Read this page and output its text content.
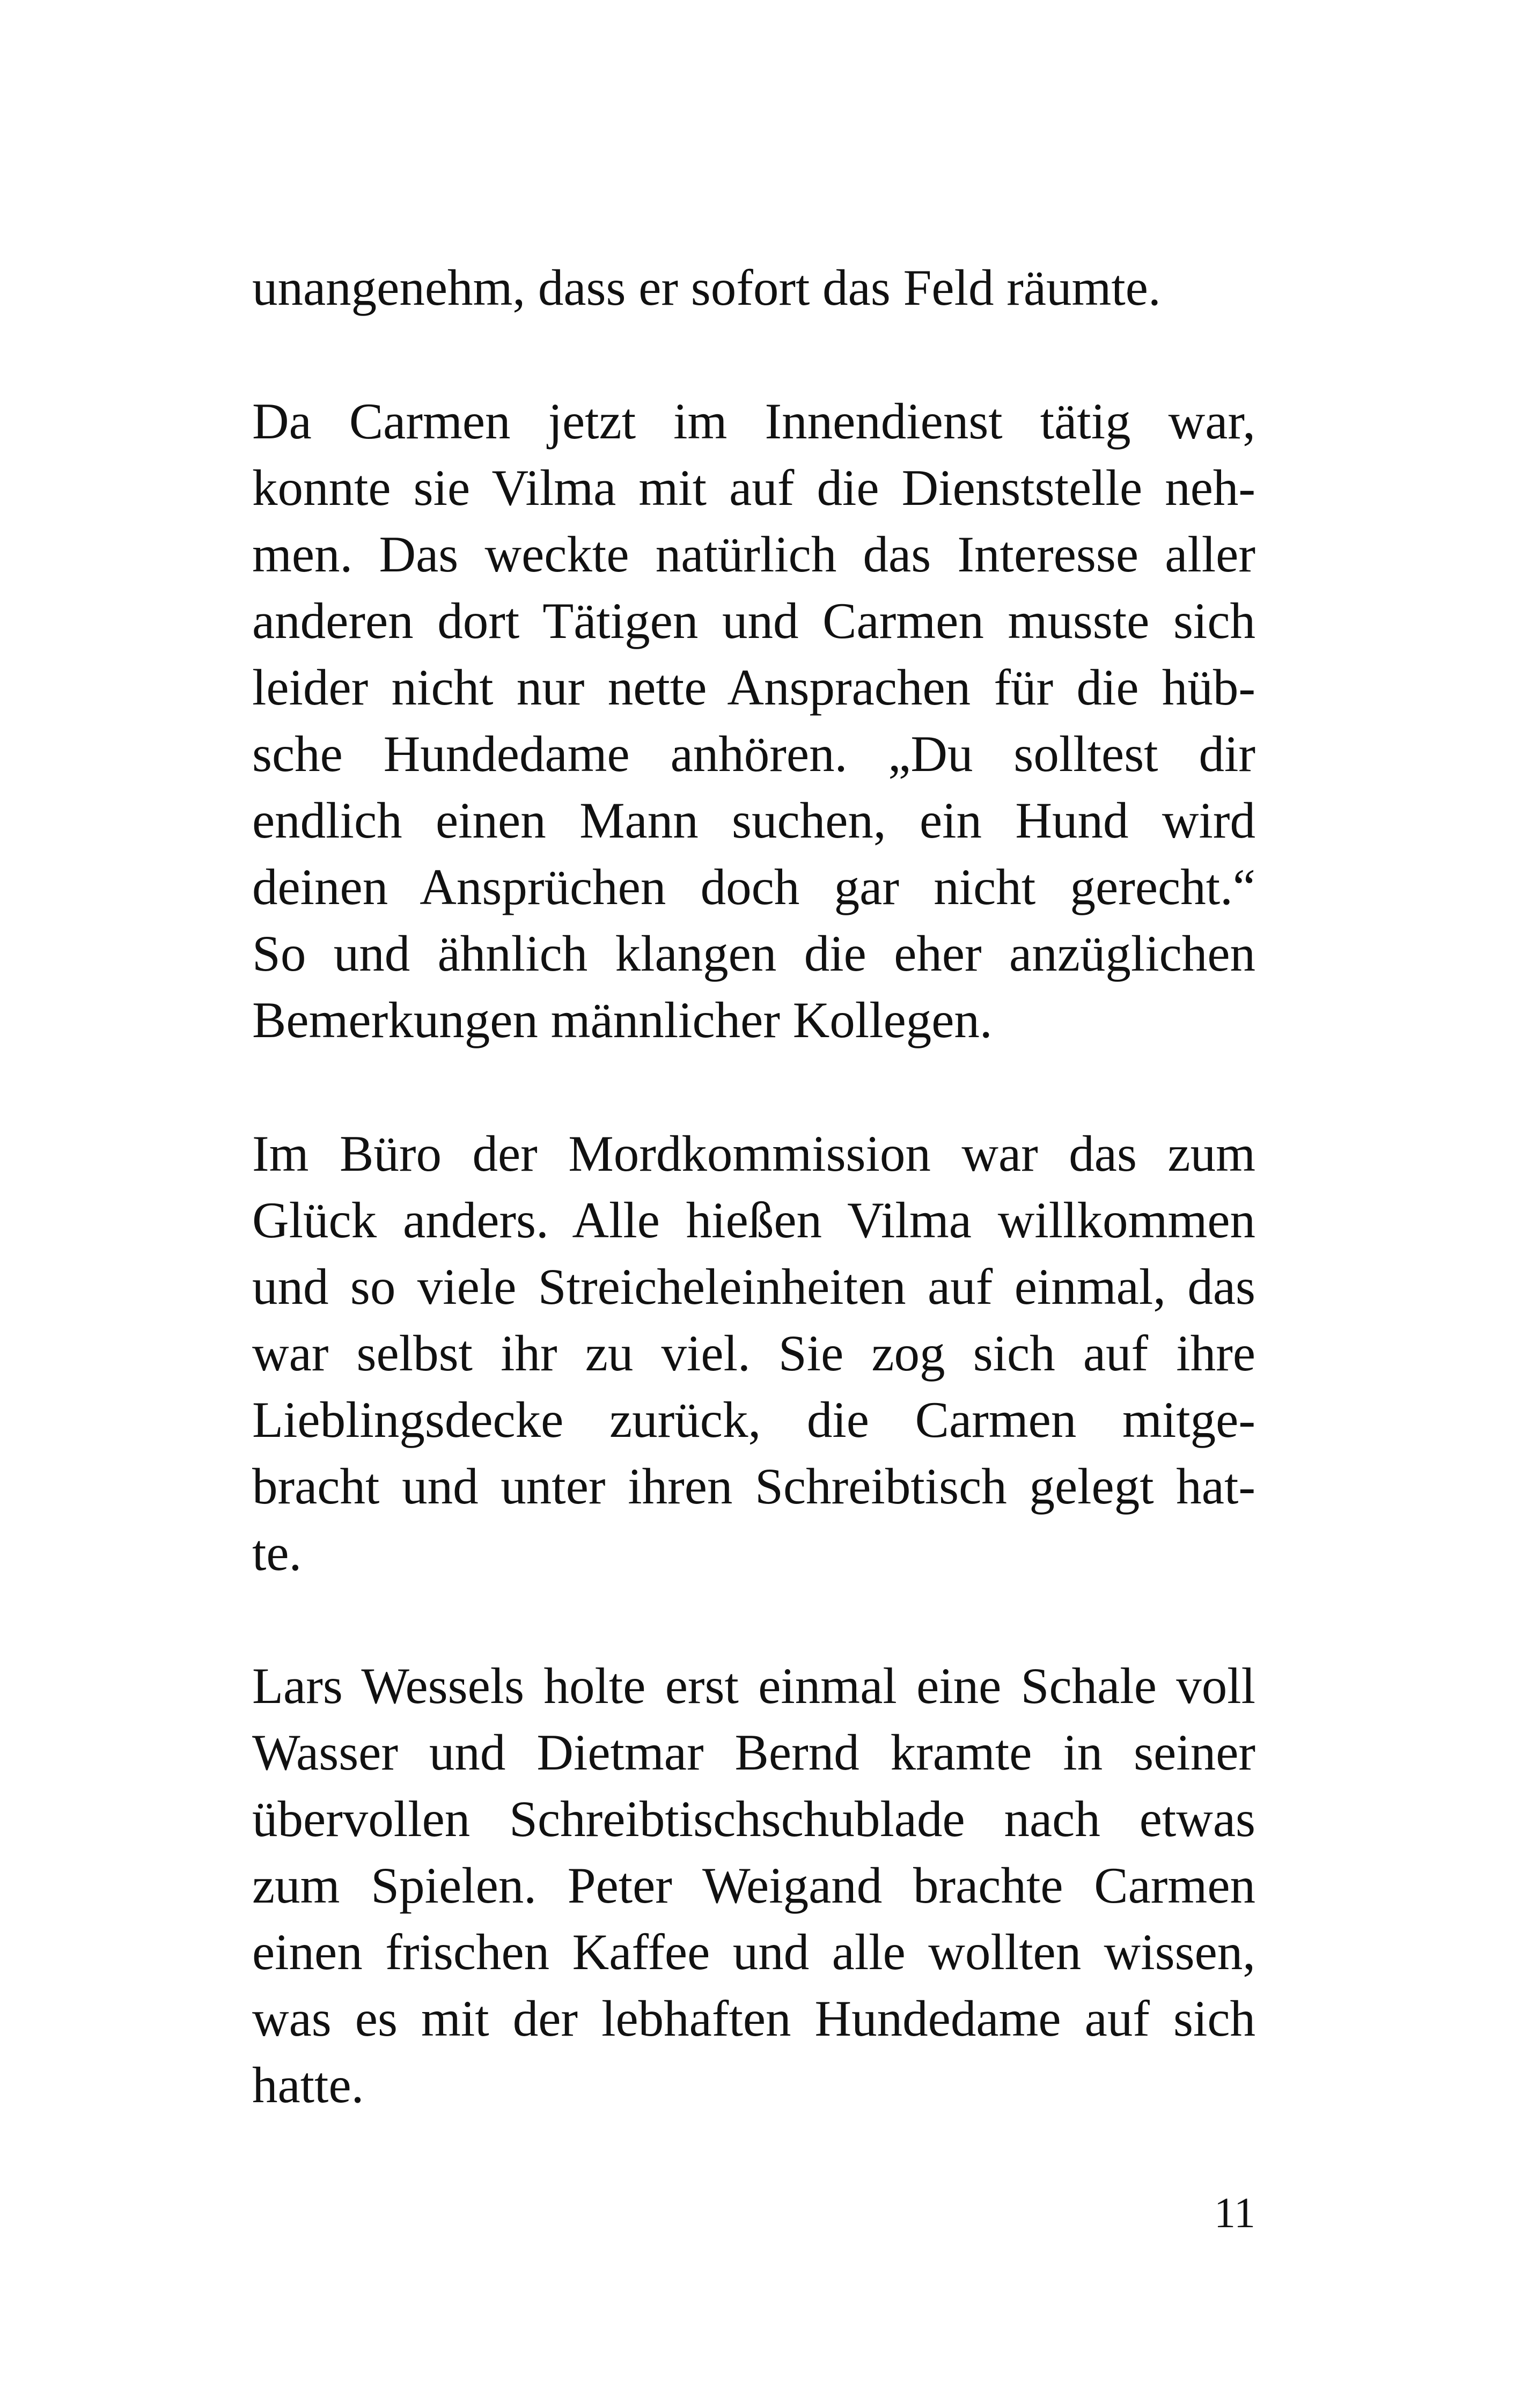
unangenehm, dass er sofort das Feld räumte.
Da Carmen jetzt im Innendienst tätig war,
konnte sie Vilma mit auf die Dienststelle neh-
men. Das weckte natürlich das Interesse aller
anderen dort Tätigen und Carmen musste sich
leider nicht nur nette Ansprachen für die hüb-
sche Hundedame anhören. „Du solltest dir
endlich einen Mann suchen, ein Hund wird
deinen Ansprüchen doch gar nicht gerecht.“
So und ähnlich klangen die eher anzüglichen
Bemerkungen männlicher Kollegen.
Im Büro der Mordkommission war das zum
Glück anders. Alle hießen Vilma willkommen
und so viele Streicheleinheiten auf einmal, das
war selbst ihr zu viel. Sie zog sich auf ihre
Lieblingsdecke zurück, die Carmen mitge-
bracht und unter ihren Schreibtisch gelegt hat-
te.
Lars Wessels holte erst einmal eine Schale voll
Wasser und Dietmar Bernd kramte in seiner
übervollen Schreibtischschublade nach etwas
zum Spielen. Peter Weigand brachte Carmen
einen frischen Kaffee und alle wollten wissen,
was es mit der lebhaften Hundedame auf sich
hatte.
11
